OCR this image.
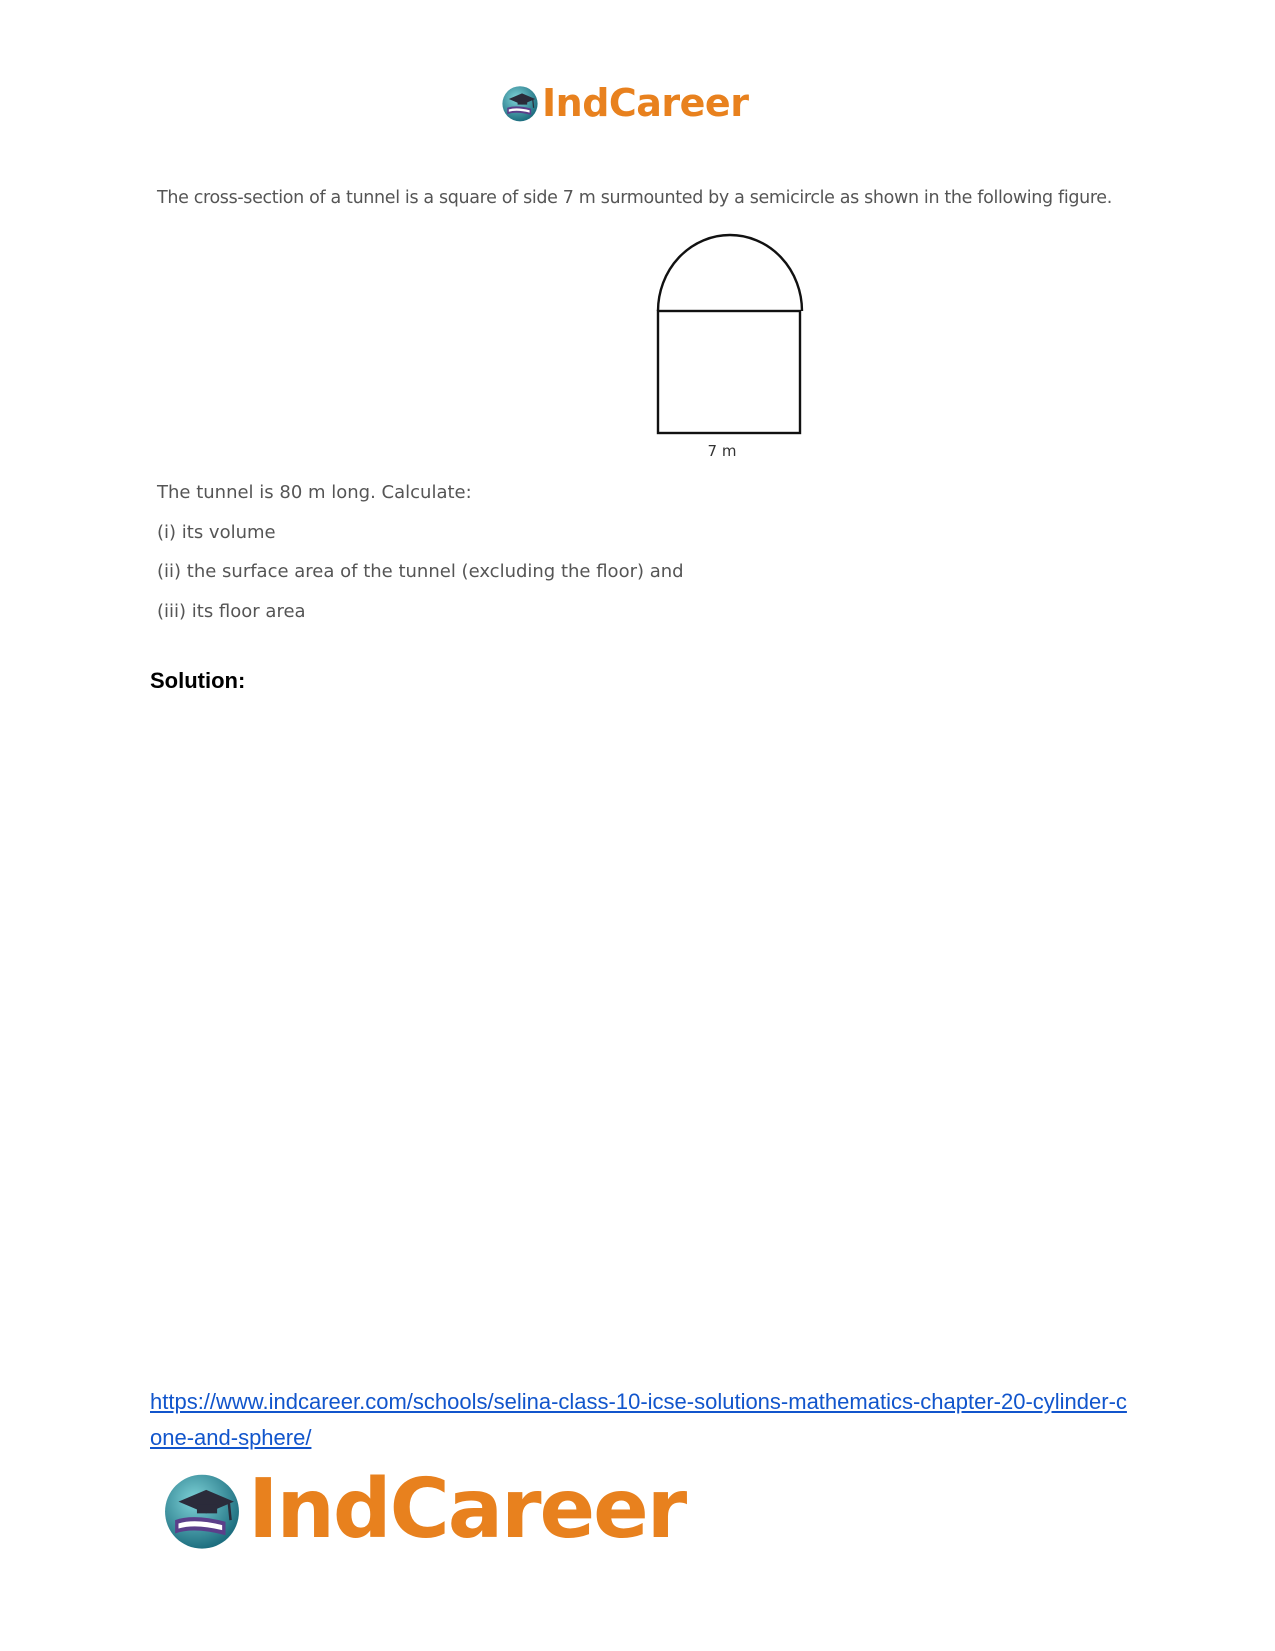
IndCareer

The cross-section of a tunnel is a square of side 7 m surmounted by a semicircle as shown in the following figure.

7 m

The tunnel is 80 m long. Calculate:

(i) its volume

(ii) the surface area of the tunnel (excluding the floor) and

(iii) its floor area

Solution:
https://www.indcareer.com/schools/selina-class-10-icse-solutions-mathematics-chapter-20-cylinder-cone-and-sphere/
IndCareer
